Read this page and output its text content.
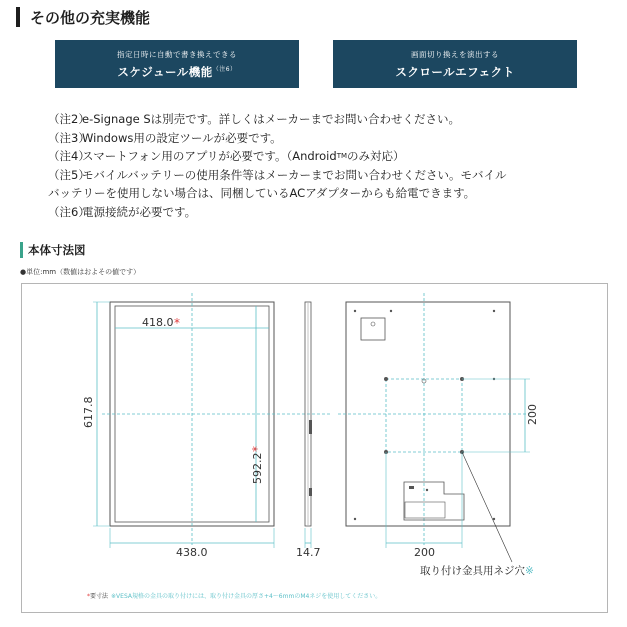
その他の充実機能
指定日時に自動で書き換えできる
スケジュール機能$^{(注6)}$
画面切り換えを演出する
スクロールエフェクト
（注2）
e-Signage Sは別売です。詳しくはメーカーまでお問い合わせください。
（注3）
Windows用の設定ツールが必要です。
（注4）
スマートフォン用のアプリが必要です。（Android TM のみ対応）
（注5）
モバイルバッテリーの使用条件等はメーカーまでお問い合わせください。モバイル
バッテリーを使用しない場合は、同梱しているACアダプターからも給電できます。
（注6）
電源接続が必要です。
本体寸法図
●単位:mm（数値はおよその値です）
418.0 *
617.8
592.2
*
438.0	14.7
200
200
取り付け金具用ネジ穴※
*要寸法 ※VESA規格の金具の取り付けには、取り付け金具の厚さ+4〜6mmのM4ネジを使用してください。
